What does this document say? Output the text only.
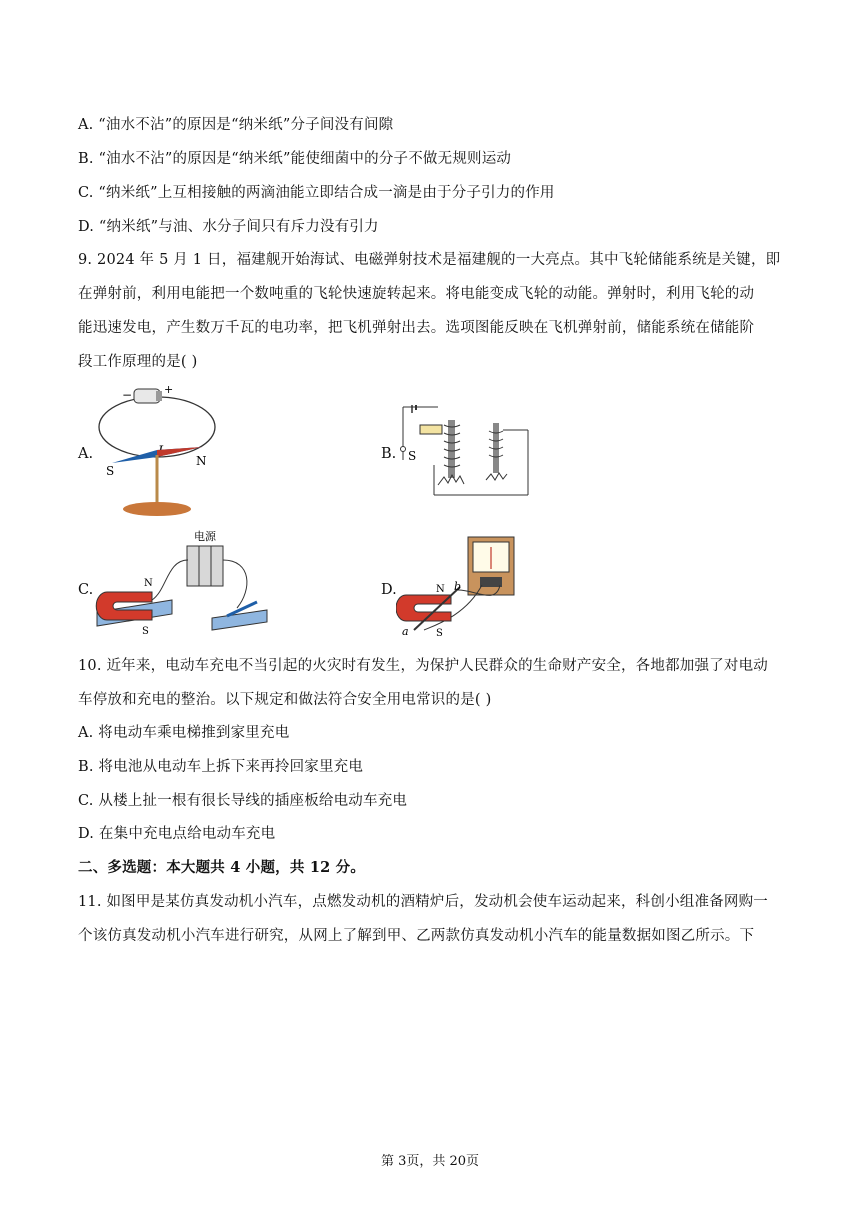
A. “油水不沾”的原因是“纳米纸”分子间没有间隙
B. “油水不沾”的原因是“纳米纸”能使细菌中的分子不做无规则运动
C. “纳米纸”上互相接触的两滴油能立即结合成一滴是由于分子引力的作用
D. “纳米纸”与油、水分子间只有斥力没有引力
9. 2024 年 5 月 1 日，福建舰开始海试、电磁弹射技术是福建舰的一大亮点。其中飞轮储能系统是关键，即
在弹射前，利用电能把一个数吨重的飞轮快速旋转起来。将电能变成飞轮的动能。弹射时，利用飞轮的动
能迅速发电，产生数万千瓦的电功率，把飞机弹射出去。选项图能反映在飞机弹射前，储能系统在储能阶
段工作原理的是( )
A.
−	+
S
N	B. S
C.
电源
N
S
D.	N
S
a
b
10. 近年来，电动车充电不当引起的火灾时有发生，为保护人民群众的生命财产安全，各地都加强了对电动
车停放和充电的整治。以下规定和做法符合安全用电常识的是( )
A. 将电动车乘电梯推到家里充电
B. 将电池从电动车上拆下来再拎回家里充电
C. 从楼上扯一根有很长导线的插座板给电动车充电
D. 在集中充电点给电动车充电
二、多选题：本大题共 4 小题，共 12 分。
11. 如图甲是某仿真发动机小汽车，点燃发动机的酒精炉后，发动机会使车运动起来，科创小组准备网购一
个该仿真发动机小汽车进行研究，从网上了解到甲、乙两款仿真发动机小汽车的能量数据如图乙所示。下
第 3页，共 20页
